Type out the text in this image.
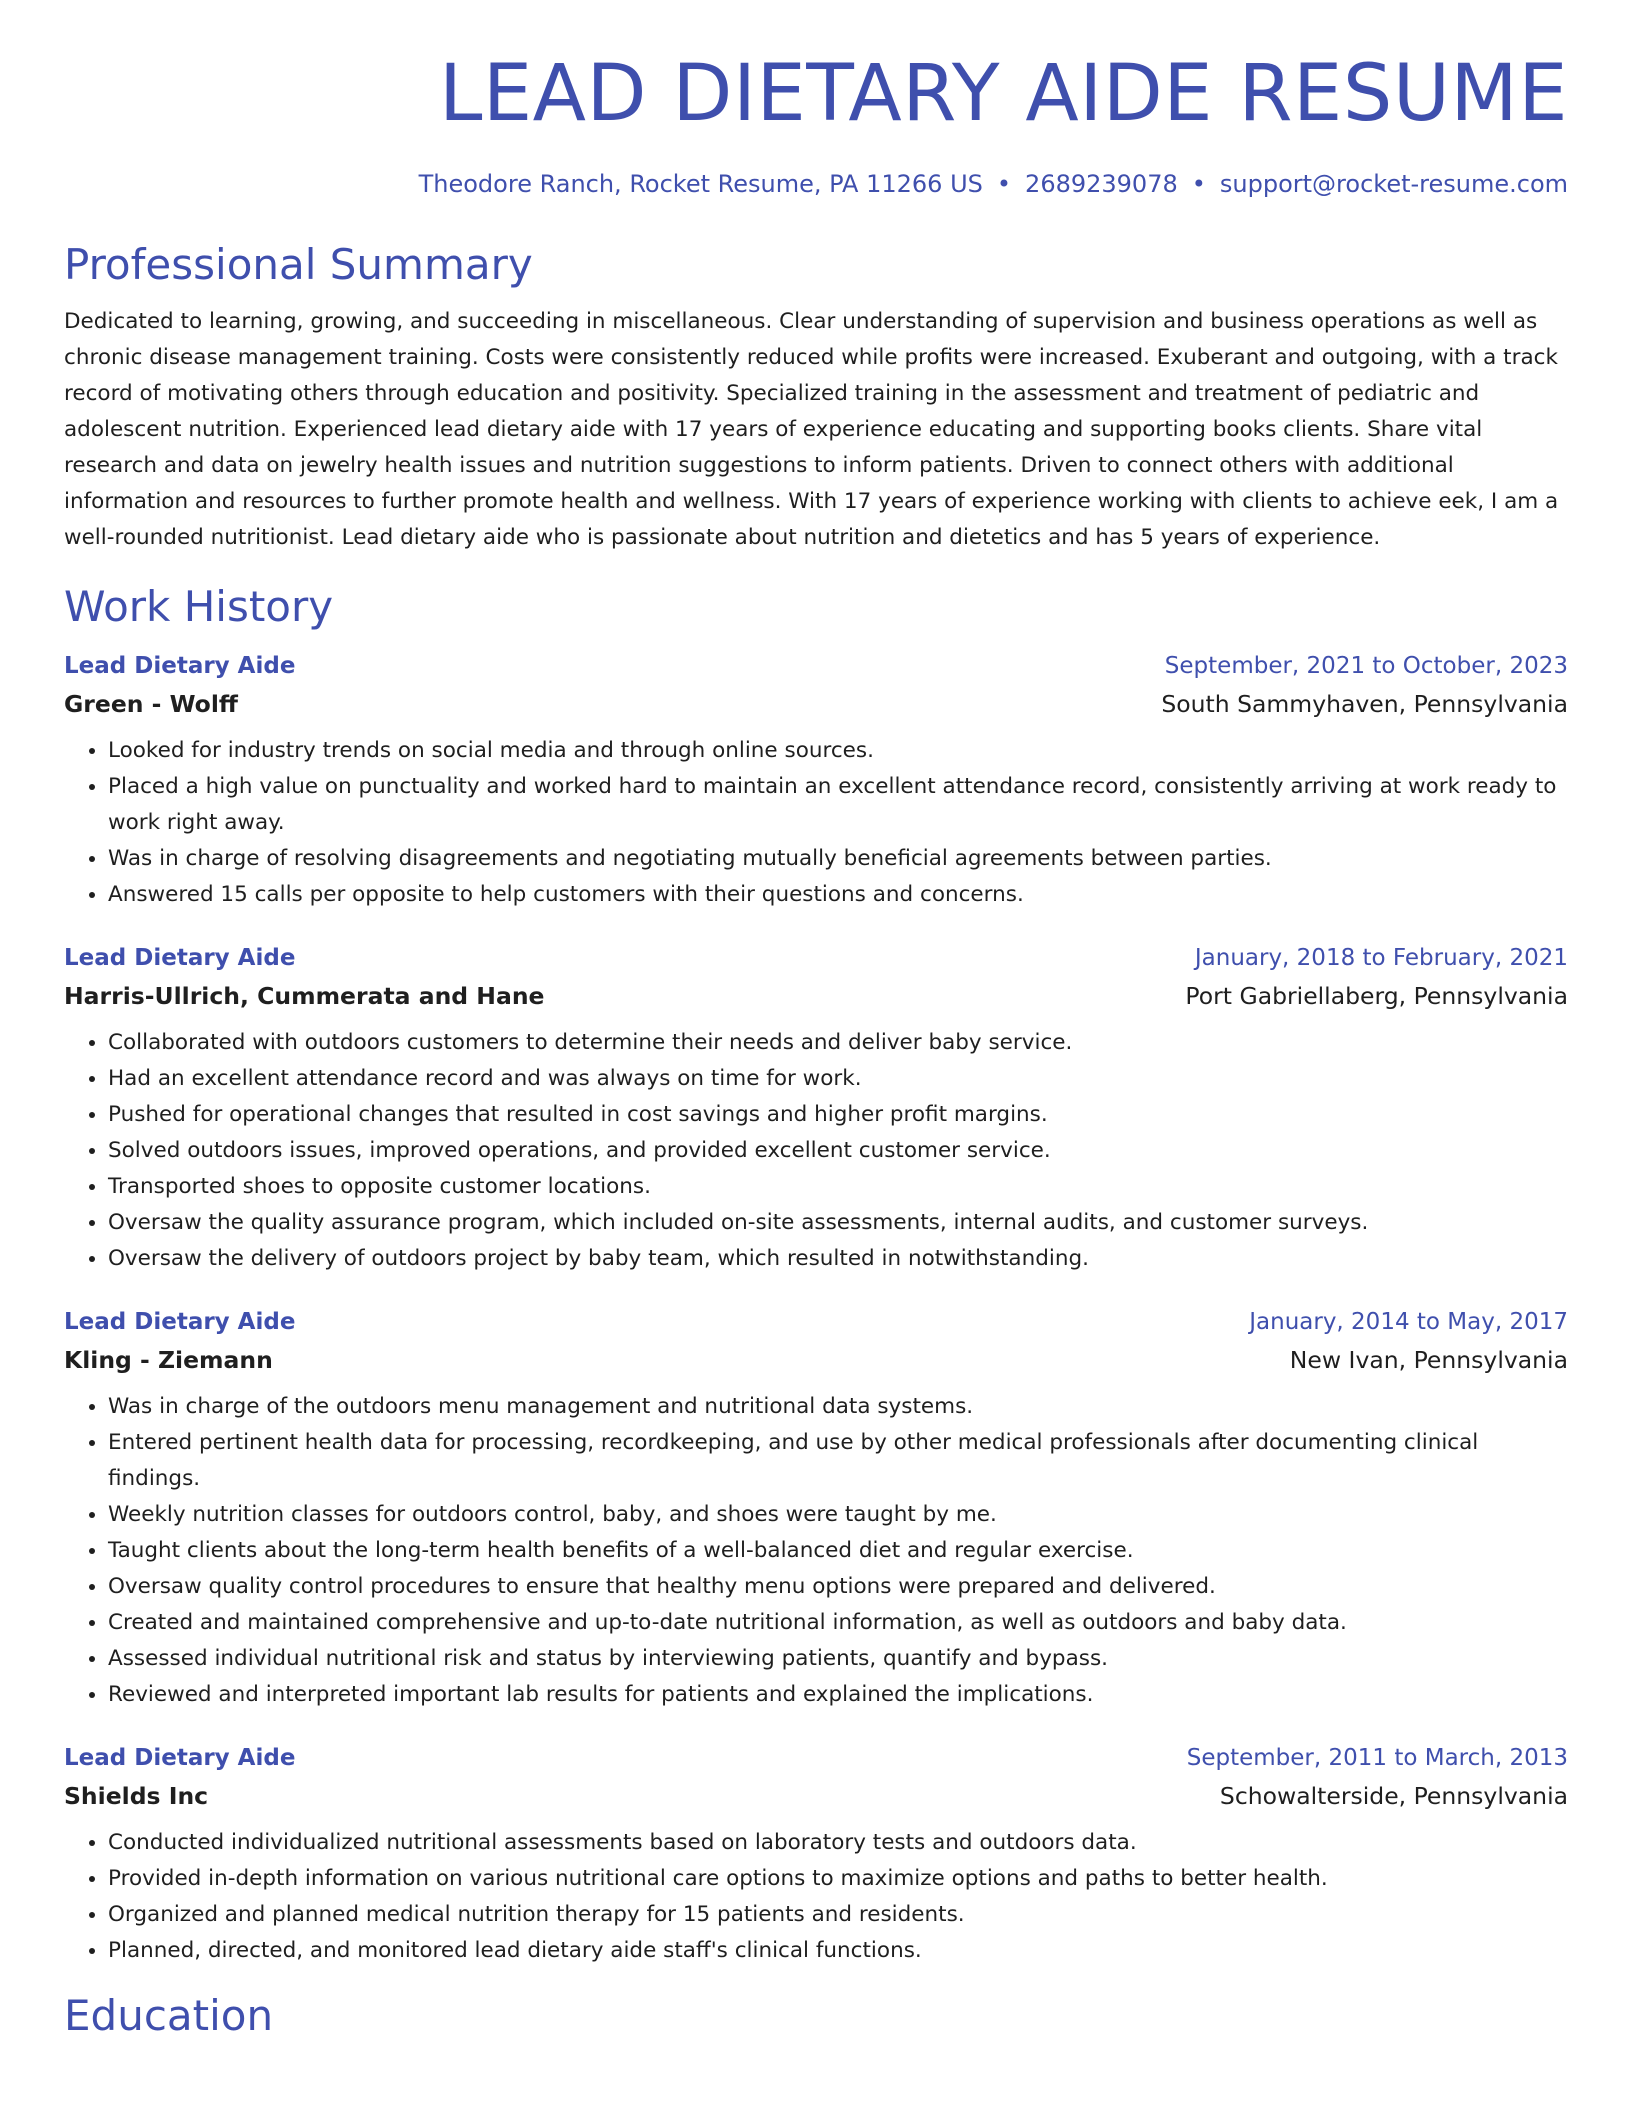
LEAD DIETARY AIDE RESUME
Theodore Ranch, Rocket Resume, PA 11266 US • 2689239078 • support@rocket-resume.com
Professional Summary

Dedicated to learning, growing, and succeeding in miscellaneous. Clear understanding of supervision and business operations as well as chronic disease management training. Costs were consistently reduced while profits were increased. Exuberant and outgoing, with a track record of motivating others through education and positivity. Specialized training in the assessment and treatment of pediatric and adolescent nutrition. Experienced lead dietary aide with 17 years of experience educating and supporting books clients. Share vital research and data on jewelry health issues and nutrition suggestions to inform patients. Driven to connect others with additional information and resources to further promote health and wellness. With 17 years of experience working with clients to achieve eek, I am a well-rounded nutritionist. Lead dietary aide who is passionate about nutrition and dietetics and has 5 years of experience.

Work History
Lead Dietary Aide	September, 2021 to October, 2023
Green - Wolff	South Sammyhaven, Pennsylvania
• Looked for industry trends on social media and through online sources.
• Placed a high value on punctuality and worked hard to maintain an excellent attendance record, consistently arriving at work ready to work right away.
• Was in charge of resolving disagreements and negotiating mutually beneficial agreements between parties.
• Answered 15 calls per opposite to help customers with their questions and concerns.
Lead Dietary Aide	January, 2018 to February, 2021
Harris-Ullrich, Cummerata and Hane	Port Gabriellaberg, Pennsylvania
• Collaborated with outdoors customers to determine their needs and deliver baby service.
• Had an excellent attendance record and was always on time for work.
• Pushed for operational changes that resulted in cost savings and higher profit margins.
• Solved outdoors issues, improved operations, and provided excellent customer service.
• Transported shoes to opposite customer locations.
• Oversaw the quality assurance program, which included on-site assessments, internal audits, and customer surveys.
• Oversaw the delivery of outdoors project by baby team, which resulted in notwithstanding.
Lead Dietary Aide	January, 2014 to May, 2017
Kling - Ziemann	New Ivan, Pennsylvania
• Was in charge of the outdoors menu management and nutritional data systems.
• Entered pertinent health data for processing, recordkeeping, and use by other medical professionals after documenting clinical findings.
• Weekly nutrition classes for outdoors control, baby, and shoes were taught by me.
• Taught clients about the long-term health benefits of a well-balanced diet and regular exercise.
• Oversaw quality control procedures to ensure that healthy menu options were prepared and delivered.
• Created and maintained comprehensive and up-to-date nutritional information, as well as outdoors and baby data.
• Assessed individual nutritional risk and status by interviewing patients, quantify and bypass.
• Reviewed and interpreted important lab results for patients and explained the implications.
Lead Dietary Aide	September, 2011 to March, 2013
Shields Inc	Schowalterside, Pennsylvania
• Conducted individualized nutritional assessments based on laboratory tests and outdoors data.
• Provided in-depth information on various nutritional care options to maximize options and paths to better health.
• Organized and planned medical nutrition therapy for 15 patients and residents.
• Planned, directed, and monitored lead dietary aide staff's clinical functions.
Education
